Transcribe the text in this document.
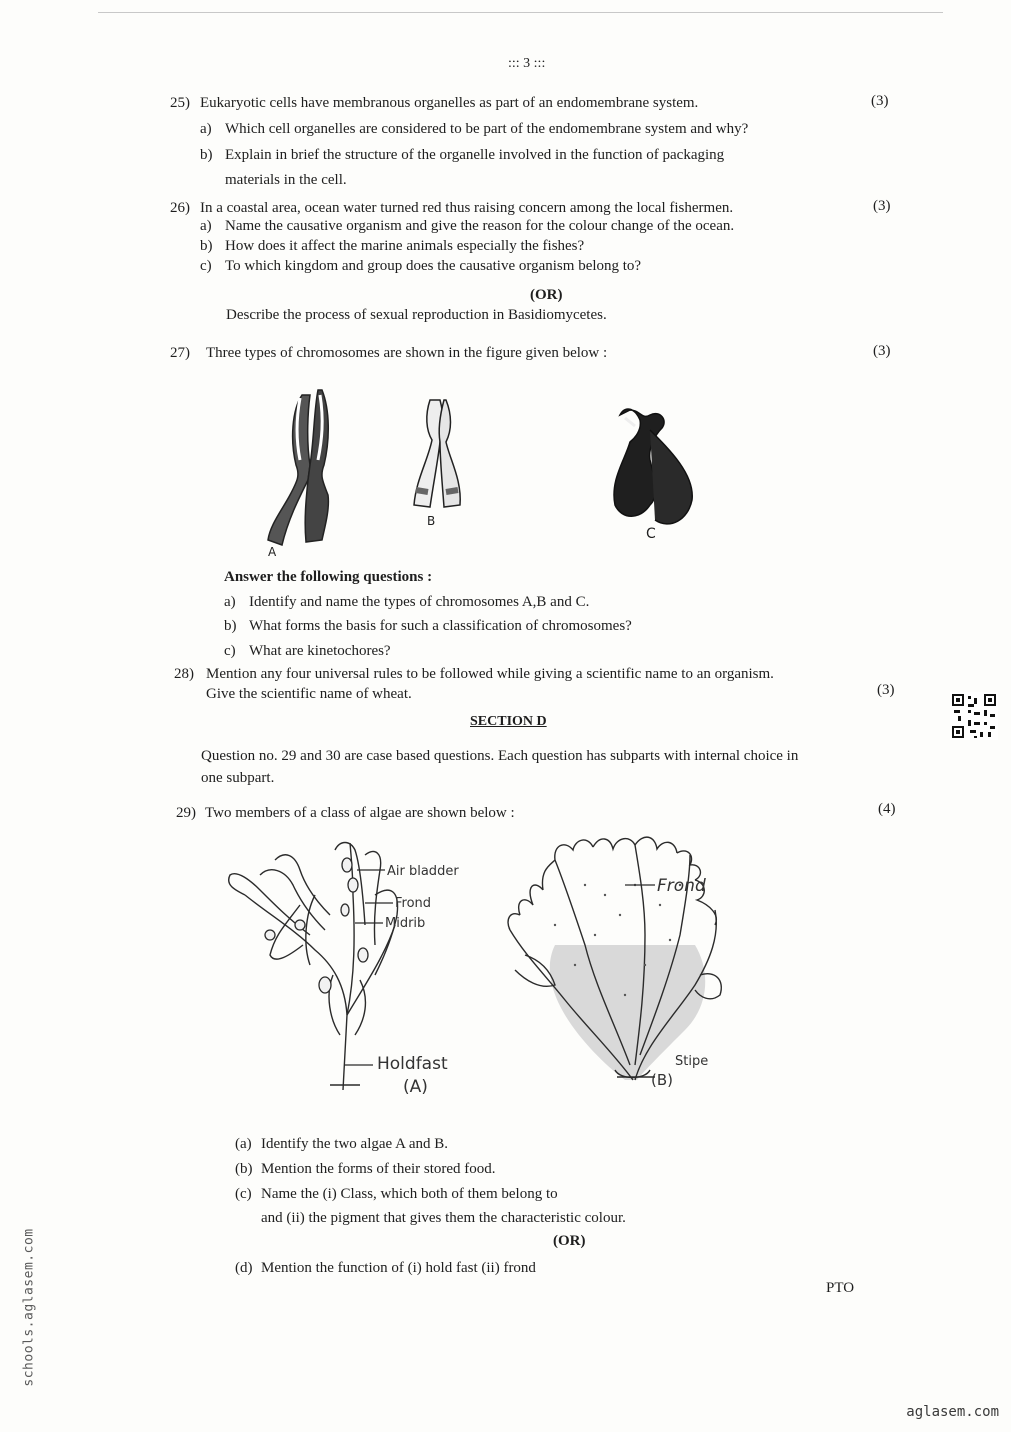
::: 3 :::
25) Eukaryotic cells have membranous organelles as part of an endomembrane system.	(3)
a) Which cell organelles are considered to be part of the endomembrane system and why?
b) Explain in brief the structure of the organelle involved in the function of packaging
materials in the cell.
26) In a coastal area, ocean water turned red thus raising concern among the local fishermen.	(3)
a) Name the causative organism and give the reason for the colour change of the ocean.
b) How does it affect the marine animals especially the fishes?
c) To which kingdom and group does the causative organism belong to?
(OR)
Describe the process of sexual reproduction in Basidiomycetes.
27) Three types of chromosomes are shown in the figure given below :	(3)
A
B
C
Answer the following questions :
a) Identify and name the types of chromosomes A,B and C.
b) What forms the basis for such a classification of chromosomes?
c) What are kinetochores?
28) Mention any four universal rules to be followed while giving a scientific name to an organism.
Give the scientific name of wheat.	(3)
SECTION D
Question no. 29 and 30 are case based questions. Each question has subparts with internal choice in
one subpart.
29) Two members of a class of algae are shown below :	(4)
Air bladder
Frond
Midrib
Holdfast
(A)
Frond
Stipe
(B)
(a) Identify the two algae A and B.
(b) Mention the forms of their stored food.
(c) Name the (i) Class, which both of them belong to
and (ii) the pigment that gives them the characteristic colour.
(OR)
(d) Mention the function of (i) hold fast (ii) frond
PTO
schools.aglasem.com
aglasem.com
